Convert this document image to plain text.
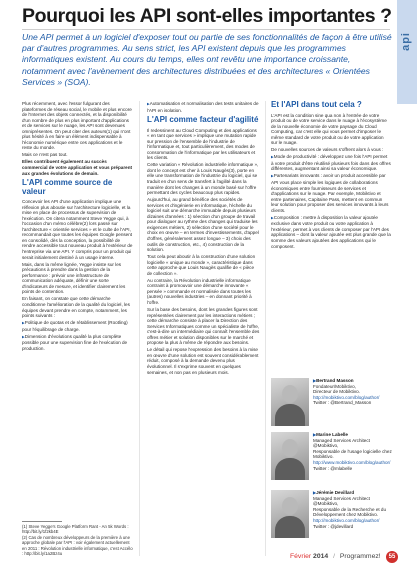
api
Pourquoi les API sont-elles importantes ?
Une API permet à un logiciel d'exposer tout ou partie de ses fonctionnalités de façon à être utilisé par d'autres programmes. Au sens strict, les API existent depuis que les programmes informatiques existent. Au cours du temps, elles ont revêtu une importance croissante, notamment avec l'avènement des architectures distribuées et des architectures « Orientées Services » (SOA).

Plus récemment, avec l'essor fulgurant des plateformes de réseau social, le mobile et plus encore de l'Internet des objets connectés, et la disponibilité d'un nombre de plus en plus important d'applications et de services sur le nuage, les API sont devenues omniprésentes. On peut citer des auteurs(1) qui n'ont plus hésité à en faire un élément indispensable à l'économie numérique entre ces applications et le reste du monde.

Mais ce n'est pas tout.

Elles contribuent également au succès commercial de votre application et vous préparent aux grandes évolutions de demain.

L'API comme source de valeur

Concevoir les API d'une application implique une réflexion plus aboutie sur l'architecture logicielle, et la mise en place de processus de supervision de l'exécution. On citera notamment Steve Yegge qui, à l'occasion d'un mémo célèbre(2) lors passé sur l'architecture « orientée services » et le culte de l'API, recommandait que toutes les équipes Google pensent en consolidé, dès la conception, la possibilité de rendre accessible tout nouveau produit à l'extérieur de l'entreprise via une API. Y compris pour un produit qui serait initialement destiné à un usage interne.

Mais, dans la même lignée, Yegge insiste sur les précautions à prendre dans la gestion de la performance : prévoir une infrastructure de communication adéquate, définir une sorte d'indicateurs de mesure, et identifier clairement les points de contention.

En faisant, on constate que cette démarche conditionne l'amélioration de la qualité du logiciel, les équipes devant prendre en compte, notamment, les points suivants :

▶ Politique de quotas et de rétablissement (Rootling) pour l'équilibrage de charge.

▶ Dimension d'évolutions qualité la plus complète possible pour une supervision fine de l'exécution de production.

(1) Steve Yegge's Google Platform Rant - An 5k Words : http://bit.ly/1f2kb4E
(2) Cas de nombreux développeurs de la première à une approche globale par l'API : voir également actuellement en 2011 : Révolution industrielle informatique, c'est Accélo : http://bit.ly/1a2Bz4u

▶ Automatisation et normalisation des tests unitaires de l'API en isolation.

L'API comme facteur d'agilité

Il redessinent au Cloud Computing et des applications « en tant que services » implique une mutation rapide sur pression de l'ensemble de l'industrie de l'informatique et, tout particulièrement, des modes de consommation de l'informatique par les utilisateurs et les clients.

Cette variation « Révolution industrielle informatique », dont le concept est cher à Louis Naugès(3), porte en elle une transformation de l'industrie du logiciel, qui se traduit en d'un sens de transfert à l'agilité dans la manière dont les changes à un monde basé sur l'offre permettant des cycles beaucoup plus rapides.

Aujourd'hui, au grand bénéfice des sociétés de services et d'ingénierie en informatique, l'échelle du logiciel suit une démarche immuable depuis plusieurs dizaines d'années : 1) séection d'un groupe de travail pour dialoguer au rythme des changes qui traduise les exigences métiers, 2) sélection d'une société pour le choix en œuvre – en termes d'investissements, d'appel d'offres, généralement assez longue – 3) choix des outils de construction, etc., 4) construction de la solution.

Tout cela peut aboutir à la construction d'une solution logicielle « unique au monde », caractéristique dans cette approche que Louis Naugès qualifie de « pièce de collection ».

Au contraire, la Révolution industrielle informatique contraint à promouvoir une démarche innovante « pensée » commande et normalisée dans toutes les (autres) nouvelles industries – en donnant priorité à l'offre.

Sur la base des besoins, dont les grandes figures sont représentées clairement par les interactions métiers ; cette démarche consiste à placer la Direction des Services Informatiques comme un spécialiste de l'offre, c'est-à-dire un intermédiaire qui connaît l'ensemble des offres métier et solution disponibles sur le marché et propose la plus à même de répondre aux besoins.

Le détail qui repose l'expression des besoins à la mise en œuvre d'une solution est souvent considérablement réduit, composé à la demande devenu plus évolutionnel. Il s'exprime souvent en quelques semaines, et non pas en plusieurs mois.

Et l'API dans tout cela ?

L'API est la condition sine qua non à l'entrée de votre produit ou de votre service dans le nuage à l'écosystème de la nouvelle économie de votre paysage du Cloud Computing, car c'est elle qui vous permet d'imposer le même standard de votre produit ou de votre application sur le nuage.

De nouvelles sources de valeurs s'offrent alors à vous :

▶ Mode de productivité : développez une fois l'API permet à votre produit d'être réutilisé plusieurs fois dans des offres différentes, augmentant ainsi sa valeur économique.

▶ Partenariats innovants : avoir un produit accessible par API vous place simple les logiques de collaborations économiques entre fournisseurs de services et d'applications sur le nuage. Par exemple, Mobiktivo et entre partenaires, Capitaine Pass, mettent en commun leur solution pour proposer des services innovants à leurs clients.

▶ Composition : mettre à disposition la valeur ajoutée exclusive dans votre produit ou votre application à l'extérieur, permet à vos clients de composer par l'API des applications – dont la valeur ajoutée est plus grande que la somme des valeurs ajoutées des applications qui le composent.

▶ Bertrand Masson
Fondateur/Mobiktivo,
Directeur de Mobiktivo.
http://mobiktivo.com/blog/author/
Twitter : @Bertrand_Masson
▶ Marine Labelle
Managed Services Architect
@Mobiktivo,
Responsable de l'usage logicielle chez Mobiktivo.
http://www.mobiktivo.com/blog/author/
Twitter : @mlabelle
▶ Jérémie Devillard
Managed Services Architect
@Mobiktivo,
Responsable de la Recherche et du Développement chez Mobiktivo.
http://mobiktivo.com/blog/author/
Twitter : @jdevillard
Février 2014 / Programmez!	55
